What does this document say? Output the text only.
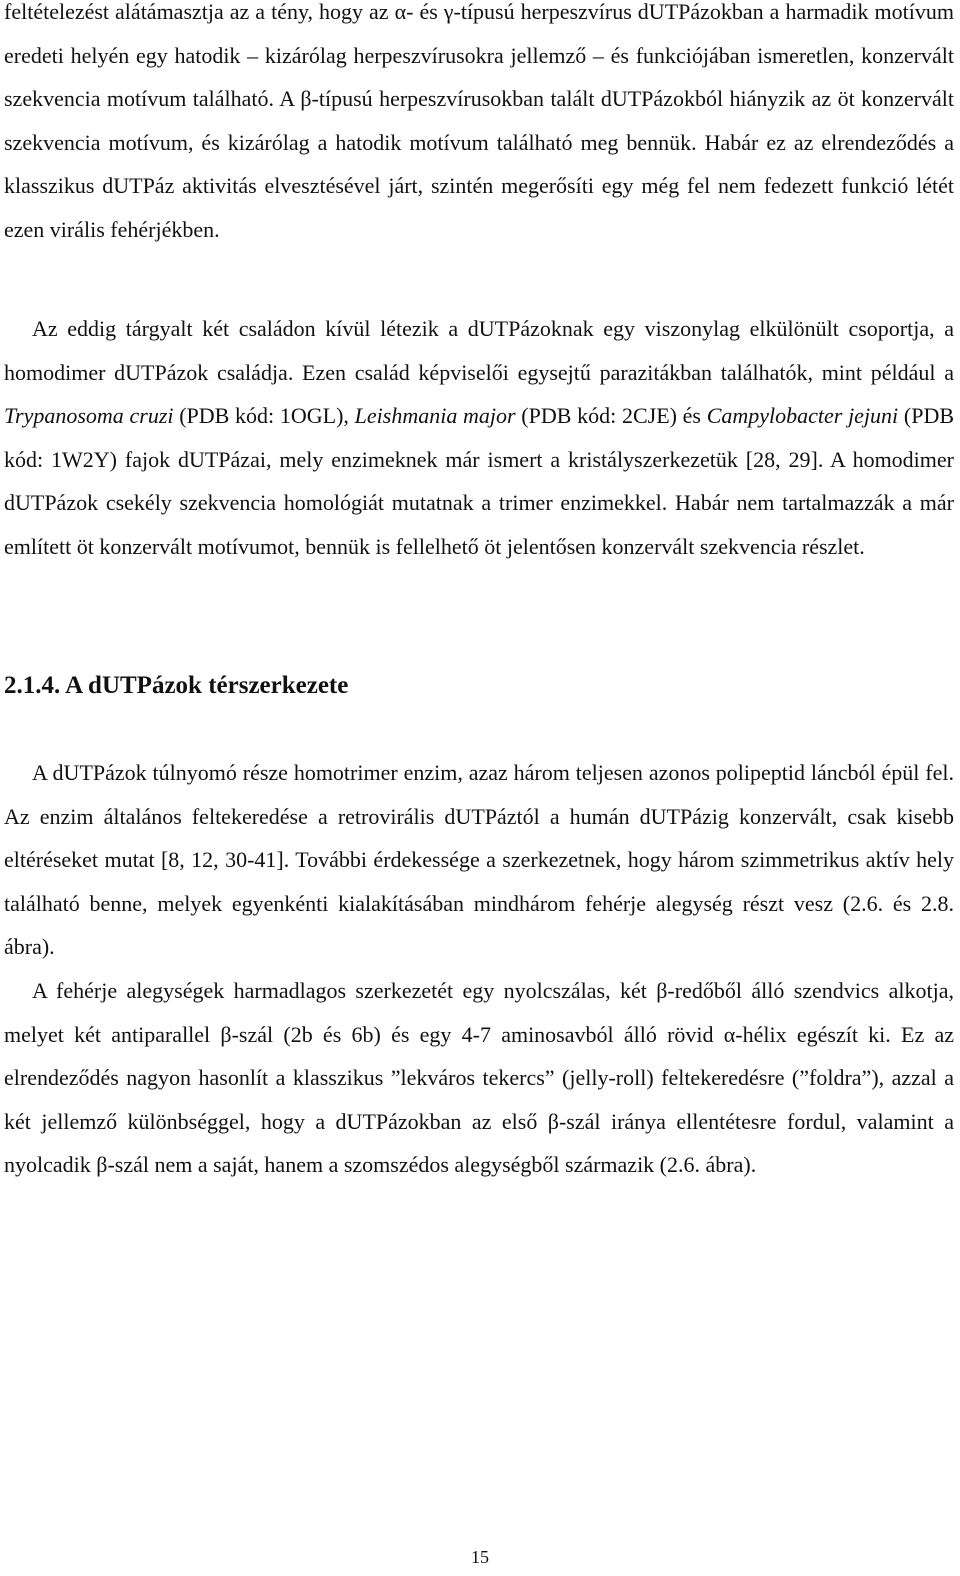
feltételezést alátámasztja az a tény, hogy az α- és γ-típusú herpeszvírus dUTPázokban a harmadik motívum eredeti helyén egy hatodik – kizárólag herpeszvírusokra jellemző – és funkciójában ismeretlen, konzervált szekvencia motívum található. A β-típusú herpeszvírusokban talált dUTPázokból hiányzik az öt konzervált szekvencia motívum, és kizárólag a hatodik motívum található meg bennük. Habár ez az elrendeződés a klasszikus dUTPáz aktivitás elvesztésével járt, szintén megerősíti egy még fel nem fedezett funkció létét ezen virális fehérjékben.

Az eddig tárgyalt két családon kívül létezik a dUTPázoknak egy viszonylag elkülönült csoportja, a homodimer dUTPázok családja. Ezen család képviselői egysejtű parazitákban találhatók, mint például a Trypanosoma cruzi (PDB kód: 1OGL), Leishmania major (PDB kód: 2CJE) és Campylobacter jejuni (PDB kód: 1W2Y) fajok dUTPázai, mely enzimeknek már ismert a kristályszerkezetük [28, 29]. A homodimer dUTPázok csekély szekvencia homológiát mutatnak a trimer enzimekkel. Habár nem tartalmazzák a már említett öt konzervált motívumot, bennük is fellelhető öt jelentősen konzervált szekvencia részlet.

2.1.4. A dUTPázok térszerkezete

A dUTPázok túlnyomó része homotrimer enzim, azaz három teljesen azonos polipeptid láncból épül fel. Az enzim általános feltekeredése a retrovirális dUTPáztól a humán dUTPázig konzervált, csak kisebb eltéréseket mutat [8, 12, 30-41]. További érdekessége a szerkezetnek, hogy három szimmetrikus aktív hely található benne, melyek egyenkénti kialakításában mindhárom fehérje alegység részt vesz (2.6. és 2.8. ábra).

A fehérje alegységek harmadlagos szerkezetét egy nyolcszálas, két β-redőből álló szendvics alkotja, melyet két antiparallel β-szál (2b és 6b) és egy 4-7 aminosavból álló rövid α-hélix egészít ki. Ez az elrendeződés nagyon hasonlít a klasszikus ”lekváros tekercs” (jelly-roll) feltekeredésre (”foldra”), azzal a két jellemző különbséggel, hogy a dUTPázokban az első β-szál iránya ellentétesre fordul, valamint a nyolcadik β-szál nem a saját, hanem a szomszédos alegységből származik (2.6. ábra).

15
